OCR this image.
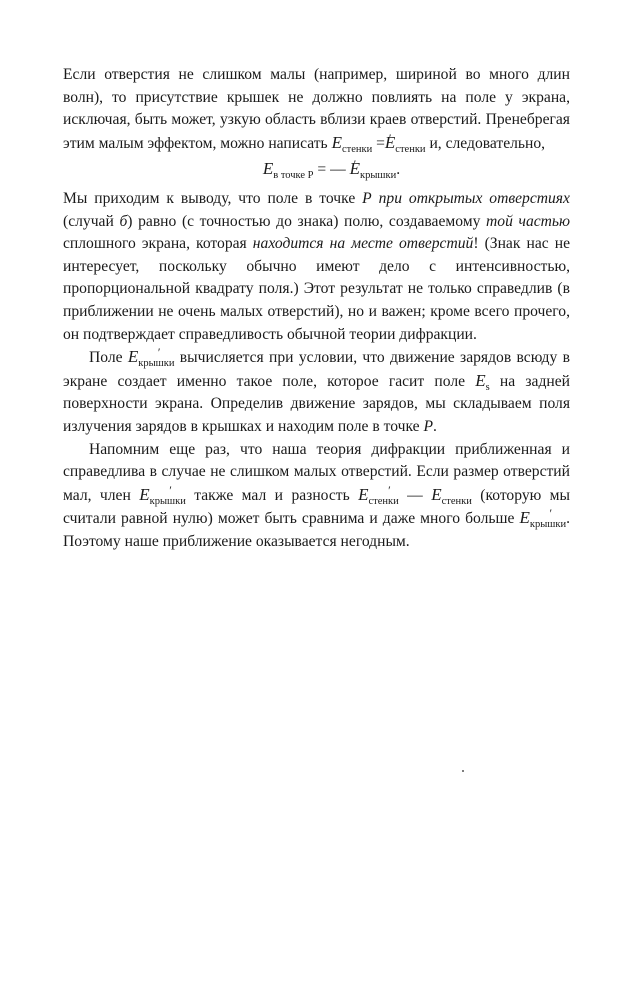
Если отверстия не слишком малы (например, шириной во много длин волн), то присутствие крышек не должно повлиять на поле у экрана, исключая, быть может, узкую область вблизи краев отверстий. Пренебрегая этим малым эффектом, можно написать $E_{стенки} =E$ $'_{стенки}$ и, следовательно,

$E_{в точке P}$ = — E $'_{крышки}$.

Мы приходим к выводу, что поле в точке P при открытых отверстиях (случай б) равно (с точностью до знака) полю, создаваемому той частью сплошного экрана, которая находится на месте отверстий! (Знак нас не интересует, поскольку обычно имеют дело с интенсивностью, пропорциональной квадрату поля.) Этот результат не только справедлив (в приближении не очень малых отверстий), но и важен; кроме всего прочего, он подтверждает справедливость обычной теории дифракции.

Поле E $'_{крышки}$ вычисляется при условии, что движение зарядов всюду в экране создает именно такое поле, которое гасит поле $E_s$ на задней поверхности экрана. Определив движение зарядов, мы складываем поля излучения зарядов в крышках и находим поле в точке P.

Напомним еще раз, что наша теория дифракции приближенная и справедлива в случае не слишком малых отверстий. Если размер отверстий мал, член E $'_{крышки}$ также мал и разность E $'_{стенки}$ — $E_{стенки}$ (которую мы считали равной нулю) может быть сравнима и даже много больше E $'_{крышки}$. Поэтому наше приближение оказывается негодным.
